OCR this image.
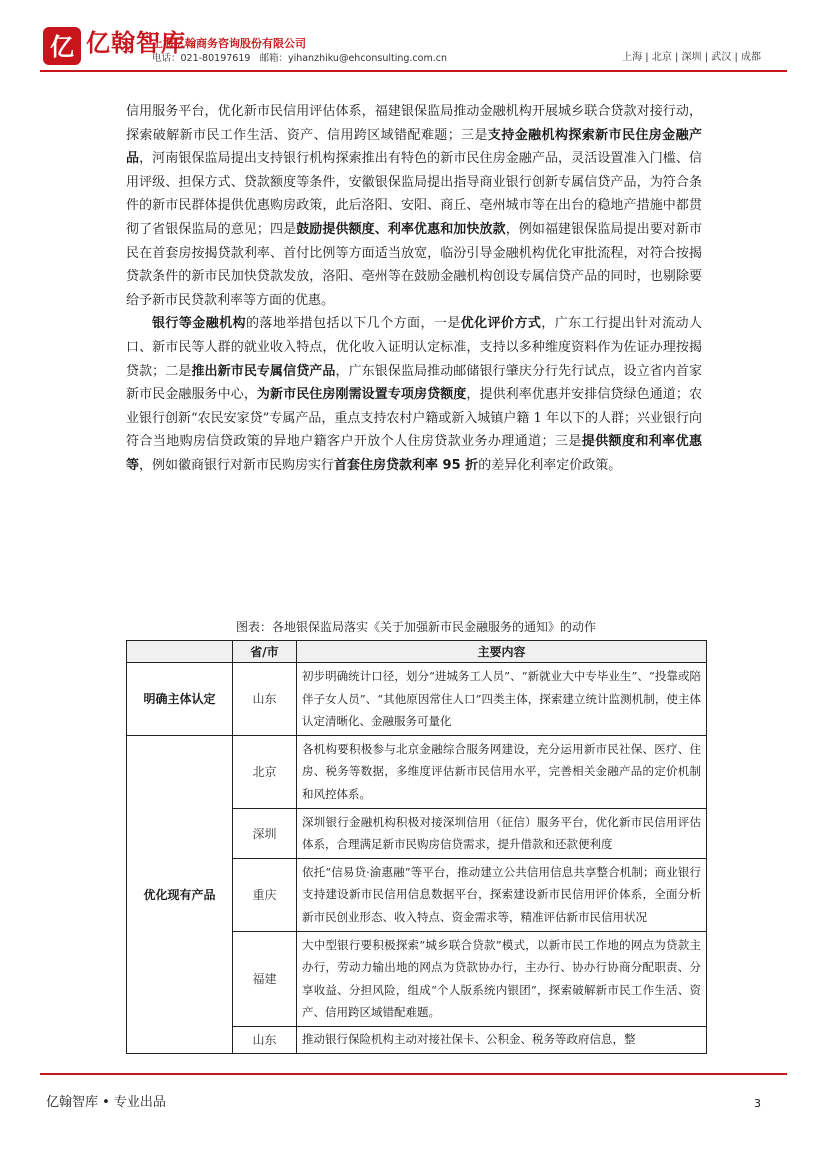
亿 亿翰智库
上海亿翰商务咨询股份有限公司
电话：021-80197619 邮箱：yihanzhiku@ehconsulting.com.cn	上海 | 北京 | 深圳 | 武汉 | 成都

信用服务平台，优化新市民信用评估体系，福建银保监局推动金融机构开展城乡联合贷款对接行动，探索破解新市民工作生活、资产、信用跨区域错配难题；三是支持金融机构探索新市民住房金融产品，河南银保监局提出支持银行机构探索推出有特色的新市民住房金融产品，灵活设置准入门槛、信用评级、担保方式、贷款额度等条件，安徽银保监局提出指导商业银行创新专属信贷产品，为符合条件的新市民群体提供优惠购房政策，此后洛阳、安阳、商丘、亳州城市等在出台的稳地产措施中都贯彻了省银保监局的意见；四是鼓励提供额度、利率优惠和加快放款，例如福建银保监局提出要对新市民在首套房按揭贷款利率、首付比例等方面适当放宽，临汾引导金融机构优化审批流程，对符合按揭贷款条件的新市民加快贷款发放，洛阳、亳州等在鼓励金融机构创设专属信贷产品的同时，也剔除要给予新市民贷款利率等方面的优惠。

银行等金融机构的落地举措包括以下几个方面，一是优化评价方式，广东工行提出针对流动人口、新市民等人群的就业收入特点，优化收入证明认定标准，支持以多种维度资料作为佐证办理按揭贷款；二是推出新市民专属信贷产品，广东银保监局推动邮储银行肇庆分行先行试点，设立省内首家新市民金融服务中心，为新市民住房刚需设置专项房贷额度，提供利率优惠并安排信贷绿色通道；农业银行创新“农民安家贷”专属产品，重点支持农村户籍或新入城镇户籍 1 年以下的人群；兴业银行向符合当地购房信贷政策的异地户籍客户开放个人住房贷款业务办理通道；三是提供额度和利率优惠等，例如徽商银行对新市民购房实行首套住房贷款利率 95 折的差异化利率定价政策。

图表：各地银保监局落实《关于加强新市民金融服务的通知》的动作
	省/市	主要内容
明确主体认定	山东	初步明确统计口径，划分“进城务工人员”、“新就业大中专毕业生”、“投靠或陪伴子女人员”、“其他原因常住人口”四类主体，探索建立统计监测机制，使主体认定清晰化、金融服务可量化
优化现有产品	北京	各机构要积极参与北京金融综合服务网建设，充分运用新市民社保、医疗、住房、税务等数据，多维度评估新市民信用水平，完善相关金融产品的定价机制和风控体系。
	深圳	深圳银行金融机构积极对接深圳信用（征信）服务平台，优化新市民信用评估体系，合理满足新市民购房信贷需求，提升借款和还款便利度
	重庆	依托“信易贷·渝惠融”等平台，推动建立公共信用信息共享整合机制；商业银行支持建设新市民信用信息数据平台，探索建设新市民信用评价体系，全面分析新市民创业形态、收入特点、资金需求等，精准评估新市民信用状况
	福建	大中型银行要积极探索“城乡联合贷款”模式，以新市民工作地的网点为贷款主办行，劳动力输出地的网点为贷款协办行，主办行、协办行协商分配职责、分享收益、分担风险，组成“个人版系统内银团”，探索破解新市民工作生活、资产、信用跨区域错配难题。
	山东	推动银行保险机构主动对接社保卡、公积金、税务等政府信息，整
亿翰智库 • 专业出品	3
